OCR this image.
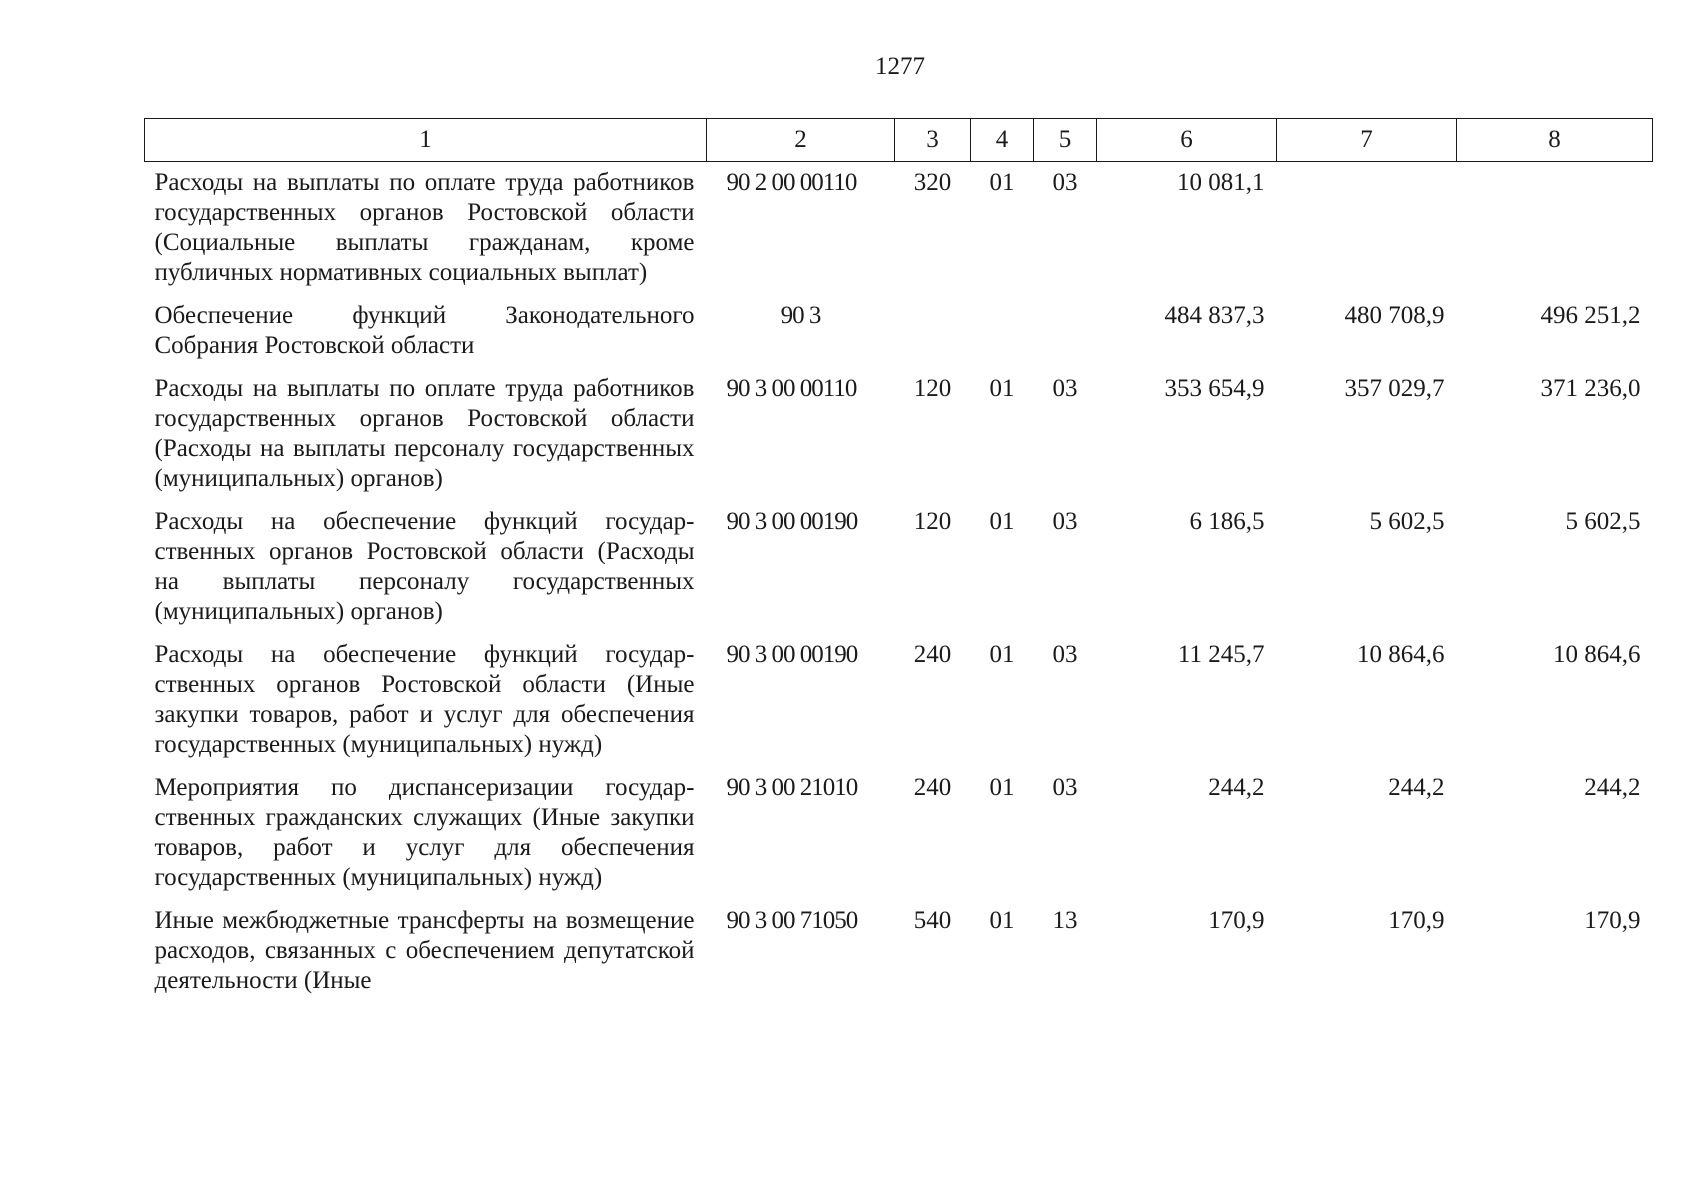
1277
1	2	3	4	5	6	7	8
Расходы на выплаты по оплате труда работников государственных органов Ростовской области (Социальные выплаты гражданам, кроме публичных нормативных социальных выплат)	90 2 00 00110	320	01	03	10 081,1		
Обеспечение функций Законодательного Собрания Ростовской области	90 3				484 837,3	480 708,9	496 251,2
Расходы на выплаты по оплате труда работников государственных органов Ростовской области (Расходы на выплаты персоналу государственных (муниципальных) органов)	90 3 00 00110	120	01	03	353 654,9	357 029,7	371 236,0
Расходы на обеспечение функций государственных органов Ростовской области (Расходы на выплаты персоналу государственных (муниципальных) органов)	90 3 00 00190	120	01	03	6 186,5	5 602,5	5 602,5
Расходы на обеспечение функций государственных органов Ростовской области (Иные закупки товаров, работ и услуг для обеспечения государственных (муниципальных) нужд)	90 3 00 00190	240	01	03	11 245,7	10 864,6	10 864,6
Мероприятия по диспансеризации государственных гражданских служащих (Иные закупки товаров, работ и услуг для обеспечения государственных (муниципальных) нужд)	90 3 00 21010	240	01	03	244,2	244,2	244,2
Иные межбюджетные трансферты на возмещение расходов, связанных с обеспечением депутатской деятельности (Иные	90 3 00 71050	540	01	13	170,9	170,9	170,9
